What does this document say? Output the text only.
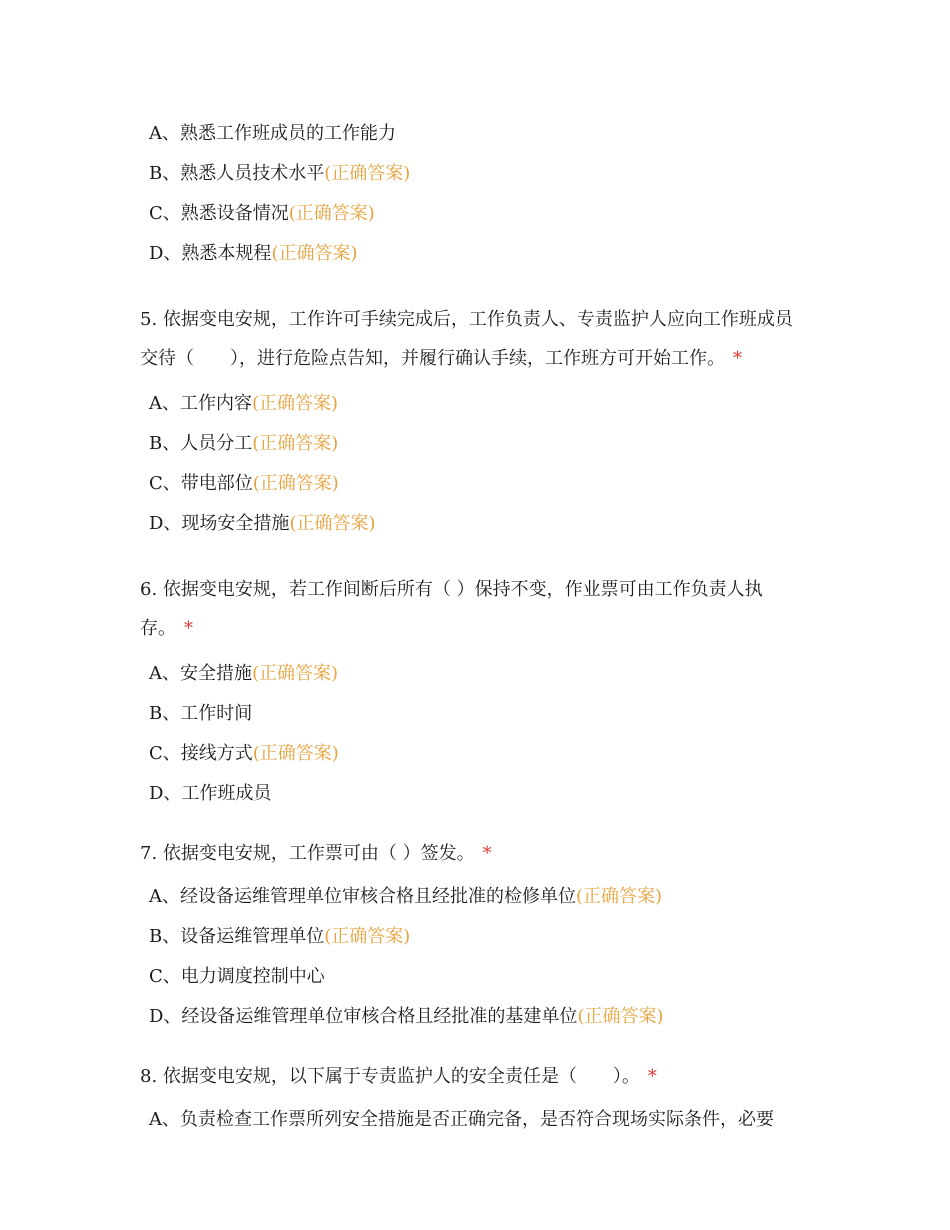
A、熟悉工作班成员的工作能力
B、熟悉人员技术水平(正确答案)
C、熟悉设备情况(正确答案)
D、熟悉本规程(正确答案)
5. 依据变电安规，工作许可手续完成后，工作负责人、专责监护人应向工作班成员
交待（　　），进行危险点告知，并履行确认手续，工作班方可开始工作。 *
A、工作内容(正确答案)
B、人员分工(正确答案)
C、带电部位(正确答案)
D、现场安全措施(正确答案)
6. 依据变电安规，若工作间断后所有（ ）保持不变，作业票可由工作负责人执
存。 *
A、安全措施(正确答案)
B、工作时间
C、接线方式(正确答案)
D、工作班成员
7. 依据变电安规，工作票可由（ ）签发。 *
A、经设备运维管理单位审核合格且经批准的检修单位(正确答案)
B、设备运维管理单位(正确答案)
C、电力调度控制中心
D、经设备运维管理单位审核合格且经批准的基建单位(正确答案)
8. 依据变电安规，以下属于专责监护人的安全责任是（　　）。 *
A、负责检查工作票所列安全措施是否正确完备，是否符合现场实际条件，必要
